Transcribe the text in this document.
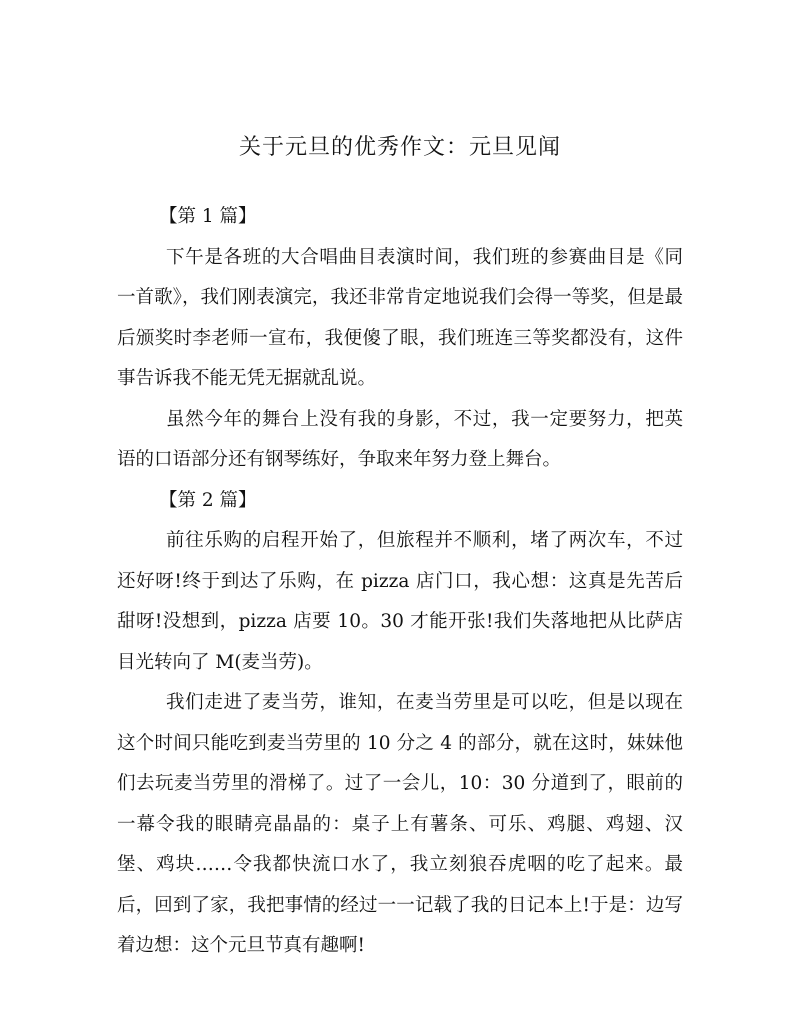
关于元旦的优秀作文：元旦见闻

【第 1 篇】

下午是各班的大合唱曲目表演时间，我们班的参赛曲目是《同一首歌》，我们刚表演完，我还非常肯定地说我们会得一等奖，但是最后颁奖时李老师一宣布，我便傻了眼，我们班连三等奖都没有，这件事告诉我不能无凭无据就乱说。

虽然今年的舞台上没有我的身影，不过，我一定要努力，把英语的口语部分还有钢琴练好，争取来年努力登上舞台。

【第 2 篇】

前往乐购的启程开始了，但旅程并不顺利，堵了两次车，不过还好呀!终于到达了乐购，在 pizza 店门口，我心想：这真是先苦后甜呀!没想到，pizza 店要 10。30 才能开张!我们失落地把从比萨店目光转向了 M(麦当劳)。

我们走进了麦当劳，谁知，在麦当劳里是可以吃，但是以现在这个时间只能吃到麦当劳里的 10 分之 4 的部分，就在这时，妹妹他们去玩麦当劳里的滑梯了。过了一会儿，10：30 分道到了，眼前的一幕令我的眼睛亮晶晶的：桌子上有薯条、可乐、鸡腿、鸡翅、汉堡、鸡块……令我都快流口水了，我立刻狼吞虎咽的吃了起来。最后，回到了家，我把事情的经过一一记载了我的日记本上!于是：边写着边想：这个元旦节真有趣啊!
